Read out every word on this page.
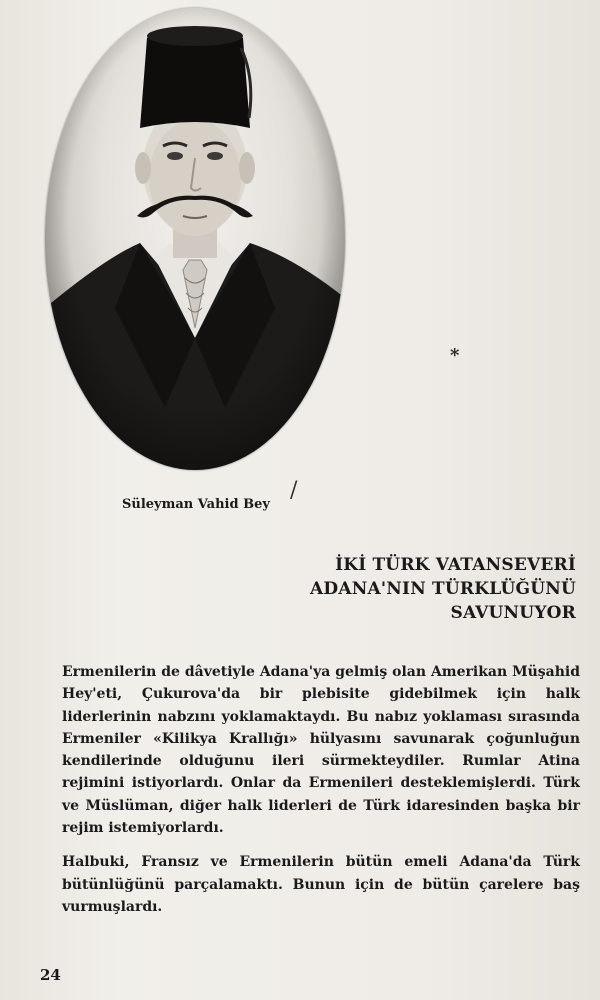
*
/
Süleyman Vahid Bey
İKİ TÜRK VATANSEVERİ
ADANA'NIN TÜRKLÜĞÜNÜ
SAVUNUYOR

Ermenilerin de dâvetiyle Adana'ya gelmiş olan Amerikan Müşahid Hey'eti, Çukurova'da bir plebisite gidebilmek için halk liderlerinin nabzını yoklamaktaydı. Bu nabız yoklaması sırasında Ermeniler «Kilikya Krallığı» hülyasını savunarak çoğunluğun kendilerinde olduğunu ileri sürmekteydiler. Rumlar Atina rejimini istiyorlardı. Onlar da Ermenileri desteklemişlerdi. Türk ve Müslüman, diğer halk liderleri de Türk idaresinden başka bir rejim istemiyorlardı.

Halbuki, Fransız ve Ermenilerin bütün emeli Adana'da Türk bütünlüğünü parçalamaktı. Bunun için de bütün çarelere baş vurmuşlardı.

24
